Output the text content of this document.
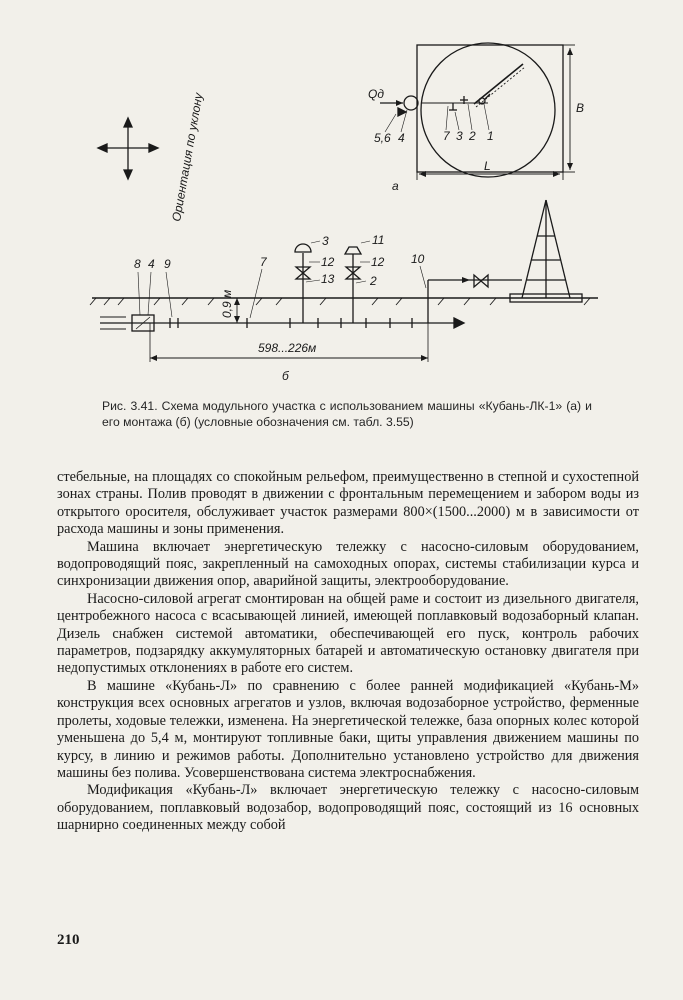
Ориентация по уклону	Qд
5,6 4	7 3 2 1
L
B
а
8 4 9	7	10
3
12
13
11
12
2
0,9 м
598...226м
б
Рис. 3.41. Схема модульного участка с использованием машины «Кубань-ЛК-1» (а) и его монтажа (б) (условные обозначения см. табл. 3.55)

стебельные, на площадях со спокойным рельефом, преимущественно в степной и сухостепной зонах страны. Полив проводят в движении с фронтальным перемещением и забором воды из открытого оросителя, обслуживает участок размерами 800×(1500...2000) м в зависимости от расхода машины и зоны применения.

Машина включает энергетическую тележку с насосно-силовым оборудованием, водопроводящий пояс, закрепленный на самоходных опорах, системы стабилизации курса и синхронизации движения опор, аварийной защиты, электрооборудование.

Насосно-силовой агрегат смонтирован на общей раме и состоит из дизельного двигателя, центробежного насоса с всасывающей линией, имеющей поплавковый водозаборный клапан. Дизель снабжен системой автоматики, обеспечивающей его пуск, контроль рабочих параметров, подзарядку аккумуляторных батарей и автоматическую остановку двигателя при недопустимых отклонениях в работе его систем.

В машине «Кубань-Л» по сравнению с более ранней модификацией «Кубань-М» конструкция всех основных агрегатов и узлов, включая водозаборное устройство, ферменные пролеты, ходовые тележки, изменена. На энергетической тележке, база опорных колес которой уменьшена до 5,4 м, монтируют топливные баки, щиты управления движением машины по курсу, в линию и режимов работы. Дополнительно установлено устройство для движения машины без полива. Усовершенствована система электроснабжения.

Модификация «Кубань-Л» включает энергетическую тележку с насосно-силовым оборудованием, поплавковый водозабор, водопроводящий пояс, состоящий из 16 основных шарнирно соединенных между собой

210
